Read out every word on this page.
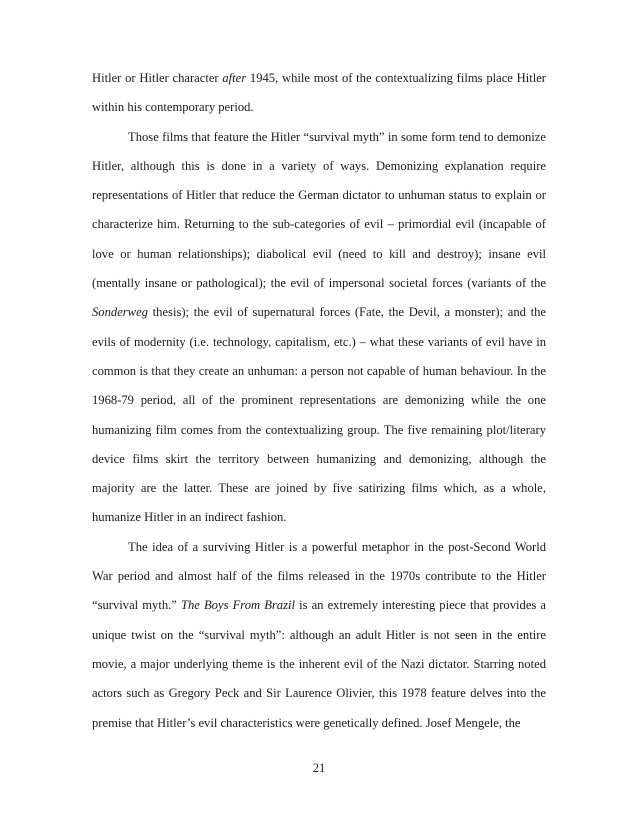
Hitler or Hitler character after 1945, while most of the contextualizing films place Hitler within his contemporary period.

Those films that feature the Hitler “survival myth” in some form tend to demonize Hitler, although this is done in a variety of ways. Demonizing explanation require representations of Hitler that reduce the German dictator to unhuman status to explain or characterize him. Returning to the sub-categories of evil – primordial evil (incapable of love or human relationships); diabolical evil (need to kill and destroy); insane evil (mentally insane or pathological); the evil of impersonal societal forces (variants of the Sonderweg thesis); the evil of supernatural forces (Fate, the Devil, a monster); and the evils of modernity (i.e. technology, capitalism, etc.) – what these variants of evil have in common is that they create an unhuman: a person not capable of human behaviour. In the 1968-79 period, all of the prominent representations are demonizing while the one humanizing film comes from the contextualizing group. The five remaining plot/literary device films skirt the territory between humanizing and demonizing, although the majority are the latter. These are joined by five satirizing films which, as a whole, humanize Hitler in an indirect fashion.

The idea of a surviving Hitler is a powerful metaphor in the post-Second World War period and almost half of the films released in the 1970s contribute to the Hitler “survival myth.” The Boys From Brazil is an extremely interesting piece that provides a unique twist on the “survival myth”: although an adult Hitler is not seen in the entire movie, a major underlying theme is the inherent evil of the Nazi dictator. Starring noted actors such as Gregory Peck and Sir Laurence Olivier, this 1978 feature delves into the premise that Hitler’s evil characteristics were genetically defined. Josef Mengele, the

21
